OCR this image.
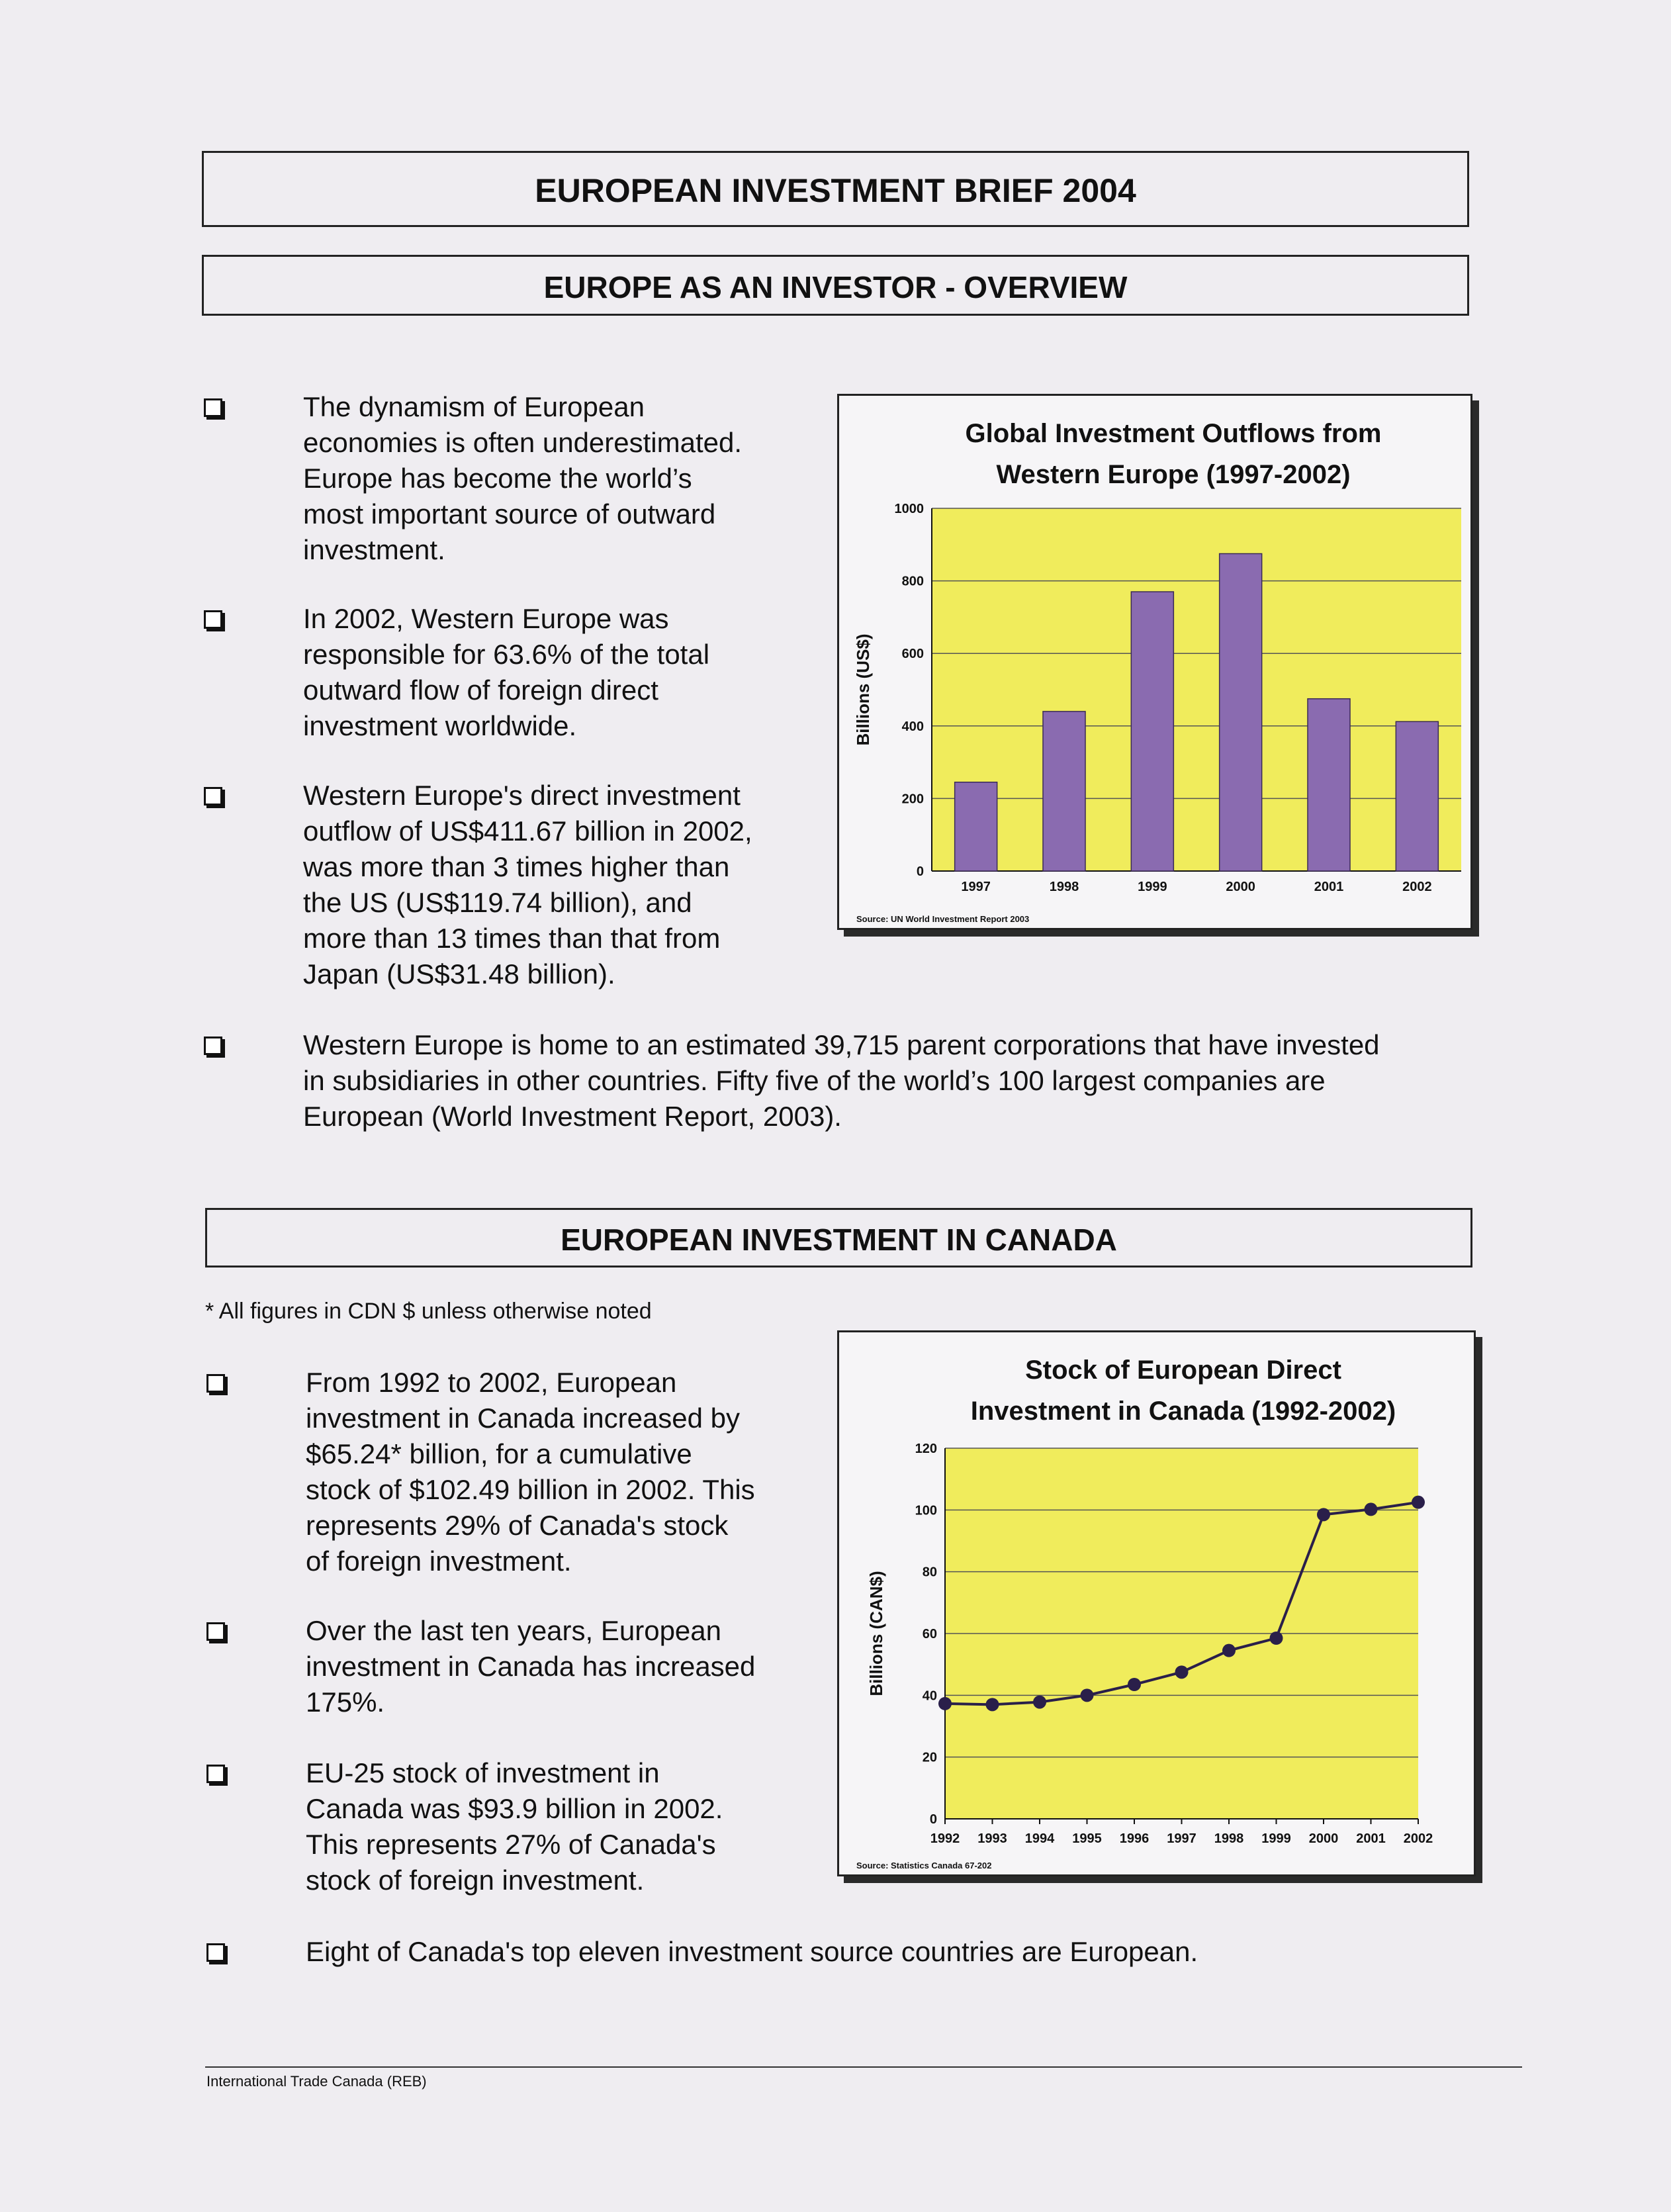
EUROPEAN INVESTMENT BRIEF 2004
EUROPE AS AN INVESTOR - OVERVIEW
The dynamism of European
economies is often underestimated.
Europe has become the world’s
most important source of outward
investment.
In 2002, Western Europe was
responsible for 63.6% of the total
outward flow of foreign direct
investment worldwide.
Western Europe's direct investment
outflow of US$411.67 billion in 2002,
was more than 3 times higher than
the US (US$119.74 billion), and
more than 13 times than that from
Japan (US$31.48 billion).
Western Europe is home to an estimated 39,715 parent corporations that have invested
in subsidiaries in other countries. Fifty five of the world’s 100 largest companies are
European (World Investment Report, 2003).
Global Investment Outflows from
Western Europe (1997-2002)
0
200
400
600
800
1000
Billions (US$)
1997	1998	1999	2000	2001	2002
Source: UN World Investment Report 2003
EUROPEAN INVESTMENT IN CANADA
* All figures in CDN $ unless otherwise noted
From 1992 to 2002, European
investment in Canada increased by
$65.24* billion, for a cumulative
stock of $102.49 billion in 2002. This
represents 29% of Canada's stock
of foreign investment.
Over the last ten years, European
investment in Canada has increased
175%.
EU-25 stock of investment in
Canada was $93.9 billion in 2002.
This represents 27% of Canada's
stock of foreign investment.
Eight of Canada's top eleven investment source countries are European.
Stock of European Direct
Investment in Canada (1992-2002)
0
20
40
60
80
100
120
Billions (CAN$)
1992 1993 1994 1995 1996 1997 1998 1999 2000 2001 2002
Source: Statistics Canada 67-202
International Trade Canada (REB)
